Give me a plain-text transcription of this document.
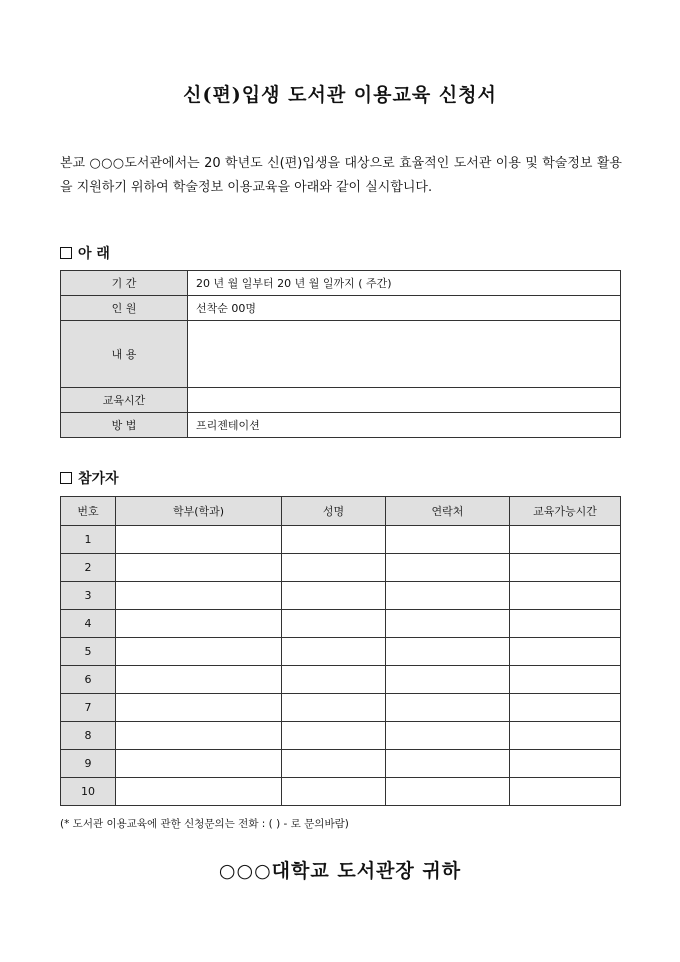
신(편)입생 도서관 이용교육 신청서
본교 ○○○도서관에서는 20 학년도 신(편)입생을 대상으로 효율적인 도서관 이용 및 학술정보 활용을 지원하기 위하여 학술정보 이용교육을 아래와 같이 실시합니다.
아 래
기 간	20 년 월 일부터 20 년 월 일까지 ( 주간)
인 원	선착순 00명
내 용	
교육시간	
방 법	프리젠테이션
참가자
번호	학부(학과)	성명	연락처	교육가능시간
1				
2				
3				
4				
5				
6				
7				
8				
9				
10				
(* 도서관 이용교육에 관한 신청문의는 전화 : ( ) - 로 문의바람)
○○○대학교 도서관장 귀하
